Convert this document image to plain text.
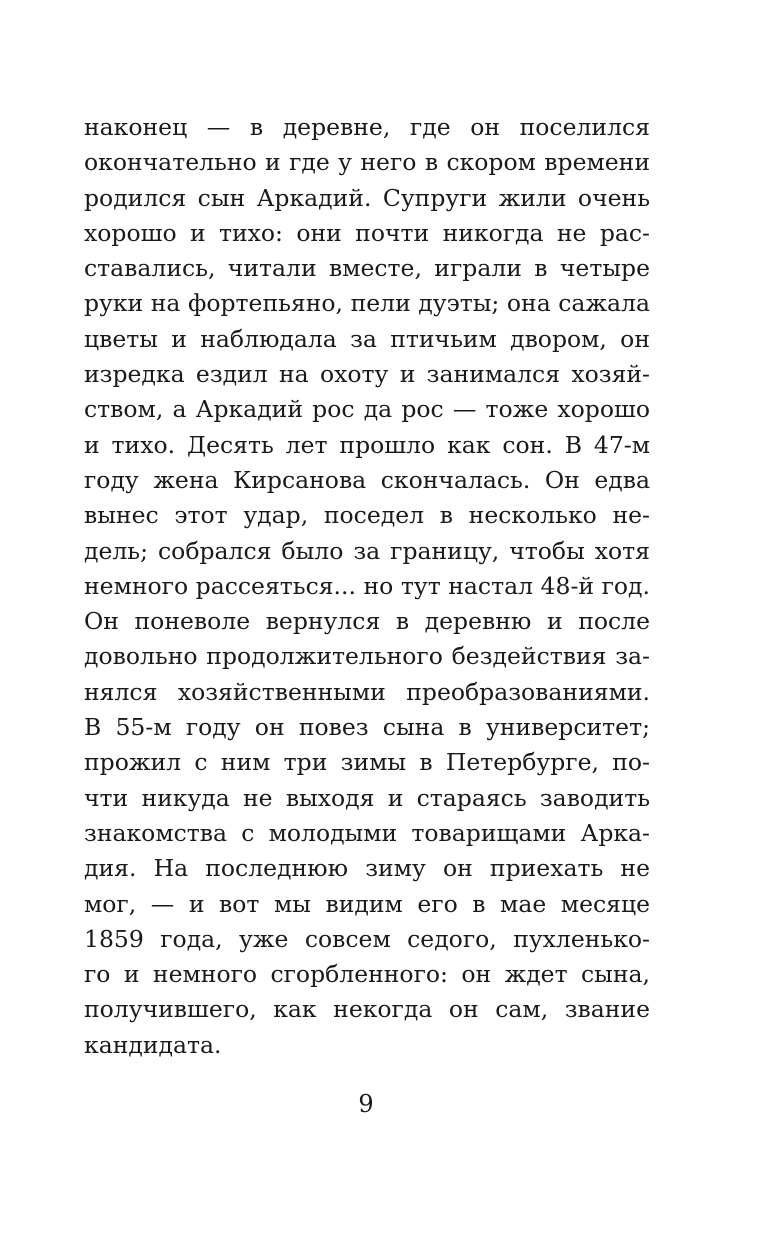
наконец — в деревне, где он поселился
окончательно и где у него в скором времени
родился сын Аркадий. Супруги жили очень
хорошо и тихо: они почти никогда не рас-
ставались, читали вместе, играли в четыре
руки на фортепьяно, пели дуэты; она сажала
цветы и наблюдала за птичьим двором, он
изредка ездил на охоту и занимался хозяй-
ством, а Аркадий рос да рос — тоже хорошо
и тихо. Десять лет прошло как сон. В 47-м
году жена Кирсанова скончалась. Он едва
вынес этот удар, поседел в несколько не-
дель; собрался было за границу, чтобы хотя
немного рассеяться... но тут настал 48-й год.
Он поневоле вернулся в деревню и после
довольно продолжительного бездействия за-
нялся хозяйственными преобразованиями.
В 55-м году он повез сына в университет;
прожил с ним три зимы в Петербурге, по-
чти никуда не выходя и стараясь заводить
знакомства с молодыми товарищами Арка-
дия. На последнюю зиму он приехать не
мог, — и вот мы видим его в мае месяце
1859 года, уже совсем седого, пухленько-
го и немного сгорбленного: он ждет сына,
получившего, как некогда он сам, звание
кандидата.
9
